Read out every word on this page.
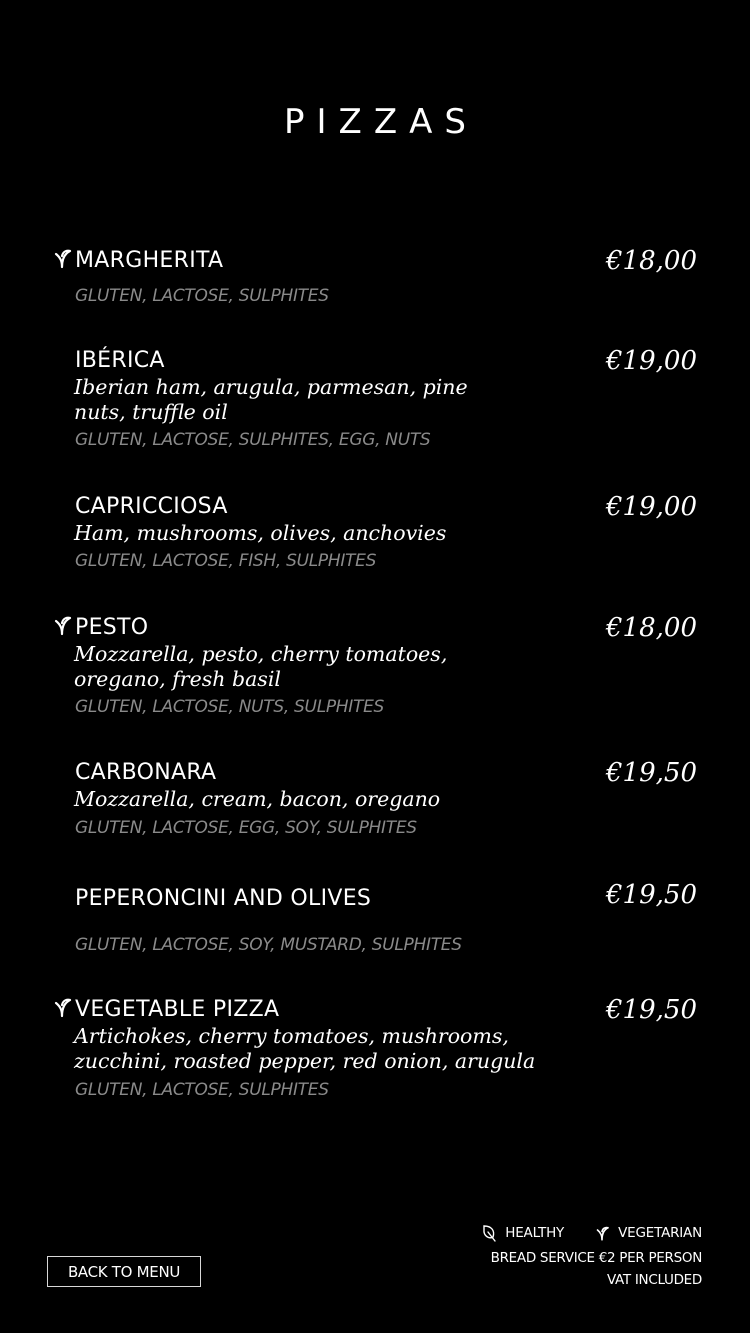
PIZZAS
MARGHERITA	€18,00
GLUTEN, LACTOSE, SULPHITES
IBÉRICA	€19,00
Iberian ham, arugula, parmesan, pine nuts, truffle oil
GLUTEN, LACTOSE, SULPHITES, EGG, NUTS
CAPRICCIOSA	€19,00
Ham, mushrooms, olives, anchovies
GLUTEN, LACTOSE, FISH, SULPHITES
PESTO	€18,00
Mozzarella, pesto, cherry tomatoes, oregano, fresh basil
GLUTEN, LACTOSE, NUTS, SULPHITES
CARBONARA	€19,50
Mozzarella, cream, bacon, oregano
GLUTEN, LACTOSE, EGG, SOY, SULPHITES
PEPERONCINI AND OLIVES	€19,50
GLUTEN, LACTOSE, SOY, MUSTARD, SULPHITES
VEGETABLE PIZZA	€19,50
Artichokes, cherry tomatoes, mushrooms, zucchini, roasted pepper, red onion, arugula
GLUTEN, LACTOSE, SULPHITES
BACK TO MENU
HEALTHY	VEGETARIAN
BREAD SERVICE €2 PER PERSON
VAT INCLUDED
